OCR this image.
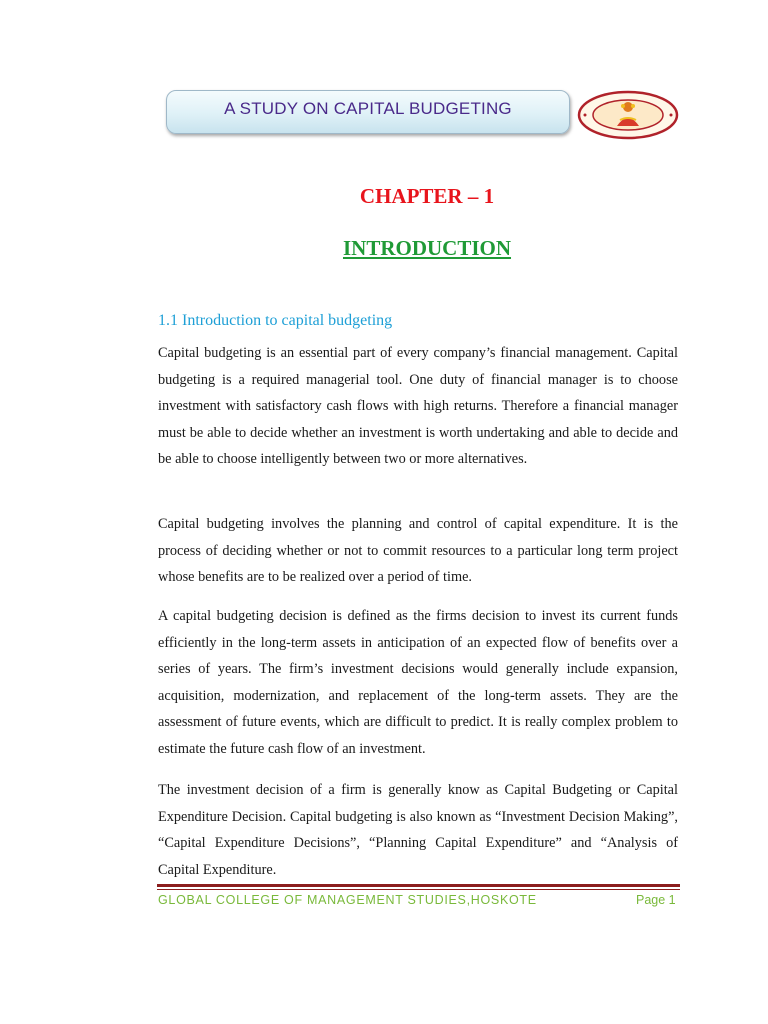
A STUDY ON CAPITAL BUDGETING
CHAPTER – 1
INTRODUCTION
1.1 Introduction to capital budgeting

Capital budgeting is an essential part of every company’s financial management. Capital budgeting is a required managerial tool. One duty of financial manager is to choose investment with satisfactory cash flows with high returns. Therefore a financial manager must be able to decide whether an investment is worth undertaking and able to decide and be able to choose intelligently between two or more alternatives.

Capital budgeting involves the planning and control of capital expenditure. It is the process of deciding whether or not to commit resources to a particular long term project whose benefits are to be realized over a period of time.

A capital budgeting decision is defined as the firms decision to invest its current funds efficiently in the long-term assets in anticipation of an expected flow of benefits over a series of years. The firm’s investment decisions would generally include expansion, acquisition, modernization, and replacement of the long-term assets. They are the assessment of future events, which are difficult to predict. It is really complex problem to estimate the future cash flow of an investment.

The investment decision of a firm is generally know as Capital Budgeting or Capital Expenditure Decision. Capital budgeting is also known as “Investment Decision Making”, “Capital Expenditure Decisions”, “Planning Capital Expenditure” and “Analysis of Capital Expenditure.

GLOBAL COLLEGE OF MANAGEMENT STUDIES,HOSKOTE	Page 1
